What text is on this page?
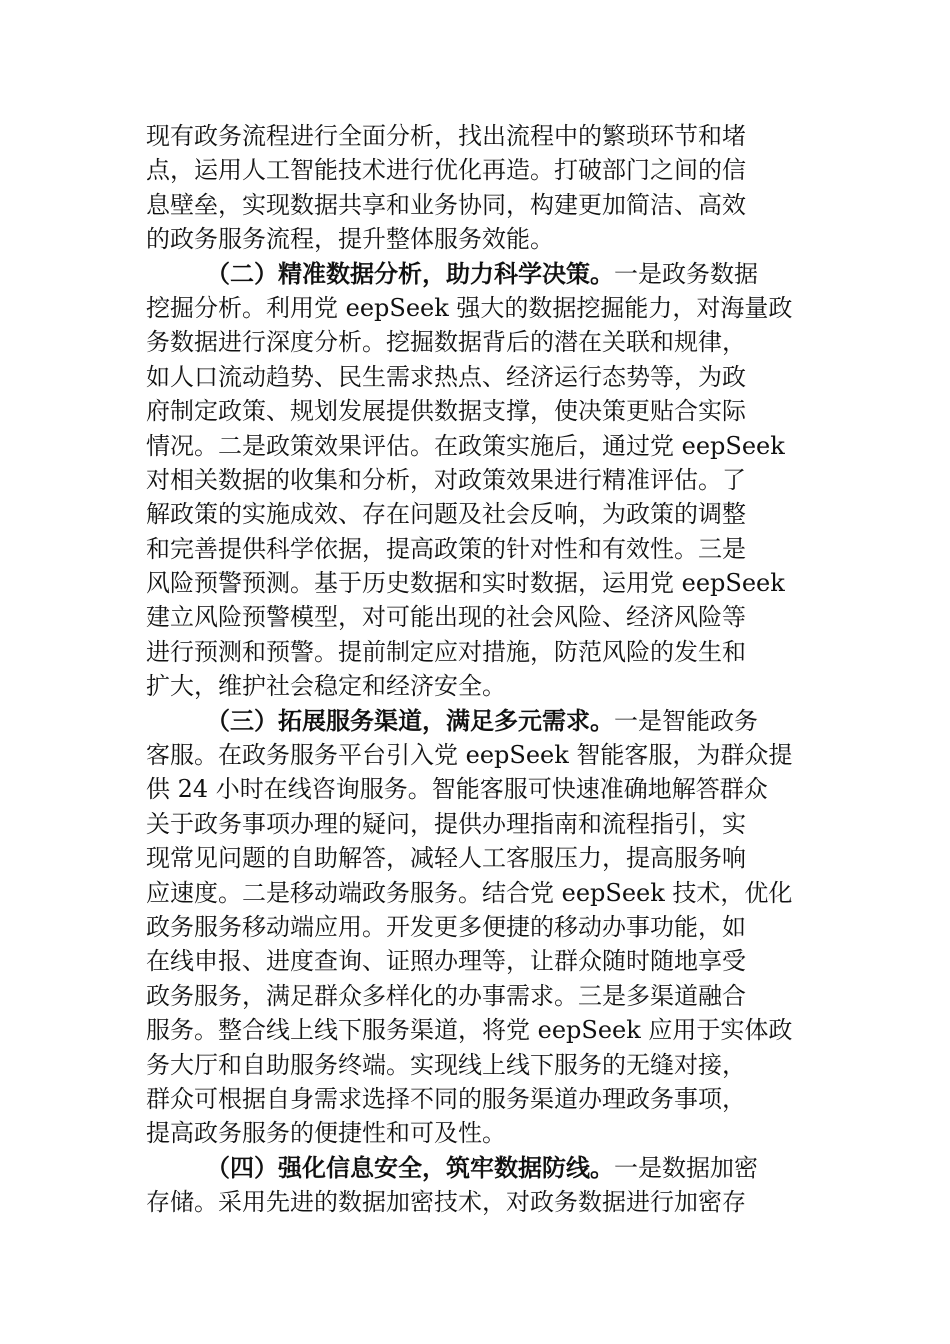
现有政务流程进行全面分析，找出流程中的繁琐环节和堵
点，运用人工智能技术进行优化再造。打破部门之间的信
息壁垒，实现数据共享和业务协同，构建更加简洁、高效
的政务服务流程，提升整体服务效能。
（二）精准数据分析，助力科学决策。一是政务数据
挖掘分析。利用党 eepSeek 强大的数据挖掘能力，对海量政
务数据进行深度分析。挖掘数据背后的潜在关联和规律，
如人口流动趋势、民生需求热点、经济运行态势等，为政
府制定政策、规划发展提供数据支撑，使决策更贴合实际
情况。二是政策效果评估。在政策实施后，通过党 eepSeek
对相关数据的收集和分析，对政策效果进行精准评估。了
解政策的实施成效、存在问题及社会反响，为政策的调整
和完善提供科学依据，提高政策的针对性和有效性。三是
风险预警预测。基于历史数据和实时数据，运用党 eepSeek
建立风险预警模型，对可能出现的社会风险、经济风险等
进行预测和预警。提前制定应对措施，防范风险的发生和
扩大，维护社会稳定和经济安全。
（三）拓展服务渠道，满足多元需求。一是智能政务
客服。在政务服务平台引入党 eepSeek 智能客服，为群众提
供 24 小时在线咨询服务。智能客服可快速准确地解答群众
关于政务事项办理的疑问，提供办理指南和流程指引，实
现常见问题的自助解答，减轻人工客服压力，提高服务响
应速度。二是移动端政务服务。结合党 eepSeek 技术，优化
政务服务移动端应用。开发更多便捷的移动办事功能，如
在线申报、进度查询、证照办理等，让群众随时随地享受
政务服务，满足群众多样化的办事需求。三是多渠道融合
服务。整合线上线下服务渠道，将党 eepSeek 应用于实体政
务大厅和自助服务终端。实现线上线下服务的无缝对接，
群众可根据自身需求选择不同的服务渠道办理政务事项，
提高政务服务的便捷性和可及性。
（四）强化信息安全，筑牢数据防线。一是数据加密
存储。采用先进的数据加密技术，对政务数据进行加密存
